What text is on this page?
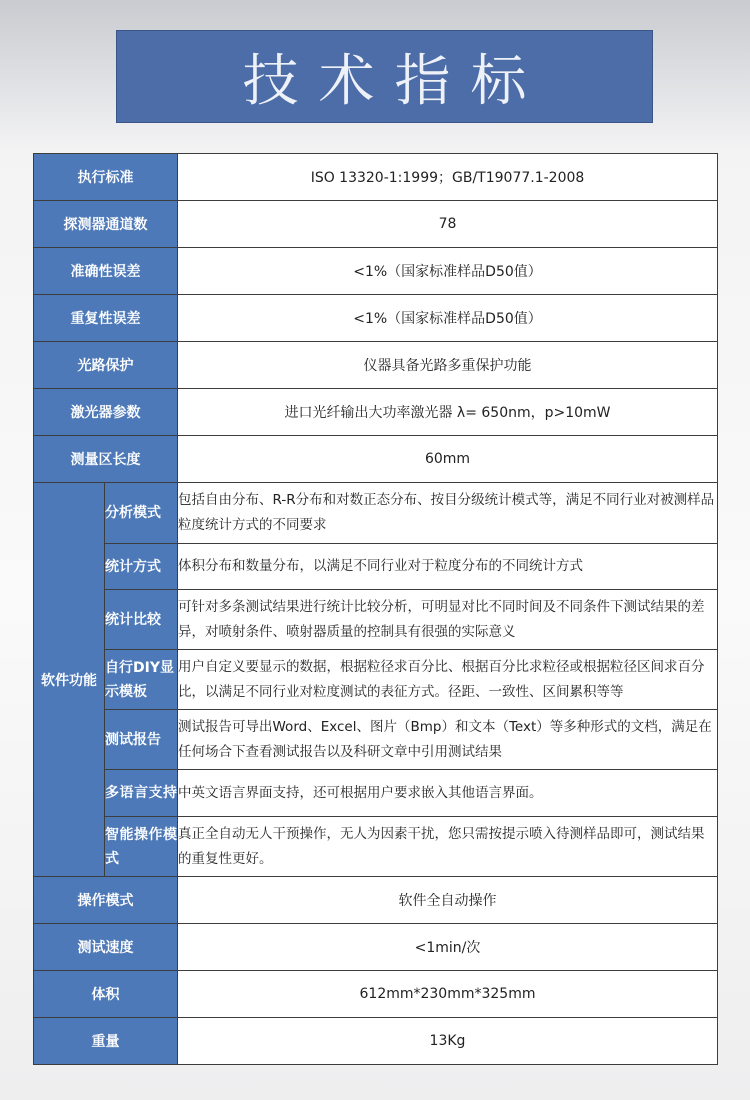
技术指标
执行标准		ISO 13320-1:1999；GB/T19077.1-2008
探测器通道数		78
准确性误差		<1%（国家标准样品D50值）
重复性误差		<1%（国家标准样品D50值）
光路保护		仪器具备光路多重保护功能
激光器参数		进口光纤输出大功率激光器 λ= 650nm，p>10mW
测量区长度		60mm
软件功能	分析模式	包括自由分布、R-R分布和对数正态分布、按目分级统计模式等，满足不同行业对被测样品粒度统计方式的不同要求
	统计方式	体积分布和数量分布，以满足不同行业对于粒度分布的不同统计方式
	统计比较	可针对多条测试结果进行统计比较分析，可明显对比不同时间及不同条件下测试结果的差异，对喷射条件、喷射器质量的控制具有很强的实际意义
	自行DIY显示模板	用户自定义要显示的数据，根据粒径求百分比、根据百分比求粒径或根据粒径区间求百分比，以满足不同行业对粒度测试的表征方式。径距、一致性、区间累积等等
	测试报告	测试报告可导出Word、Excel、图片（Bmp）和文本（Text）等多种形式的文档，满足在任何场合下查看测试报告以及科研文章中引用测试结果
	多语言支持	中英文语言界面支持，还可根据用户要求嵌入其他语言界面。
	智能操作模式	真正全自动无人干预操作，无人为因素干扰，您只需按提示喷入待测样品即可，测试结果的重复性更好。
操作模式		软件全自动操作
测试速度		<1min/次
体积		612mm*230mm*325mm
重量		13Kg
